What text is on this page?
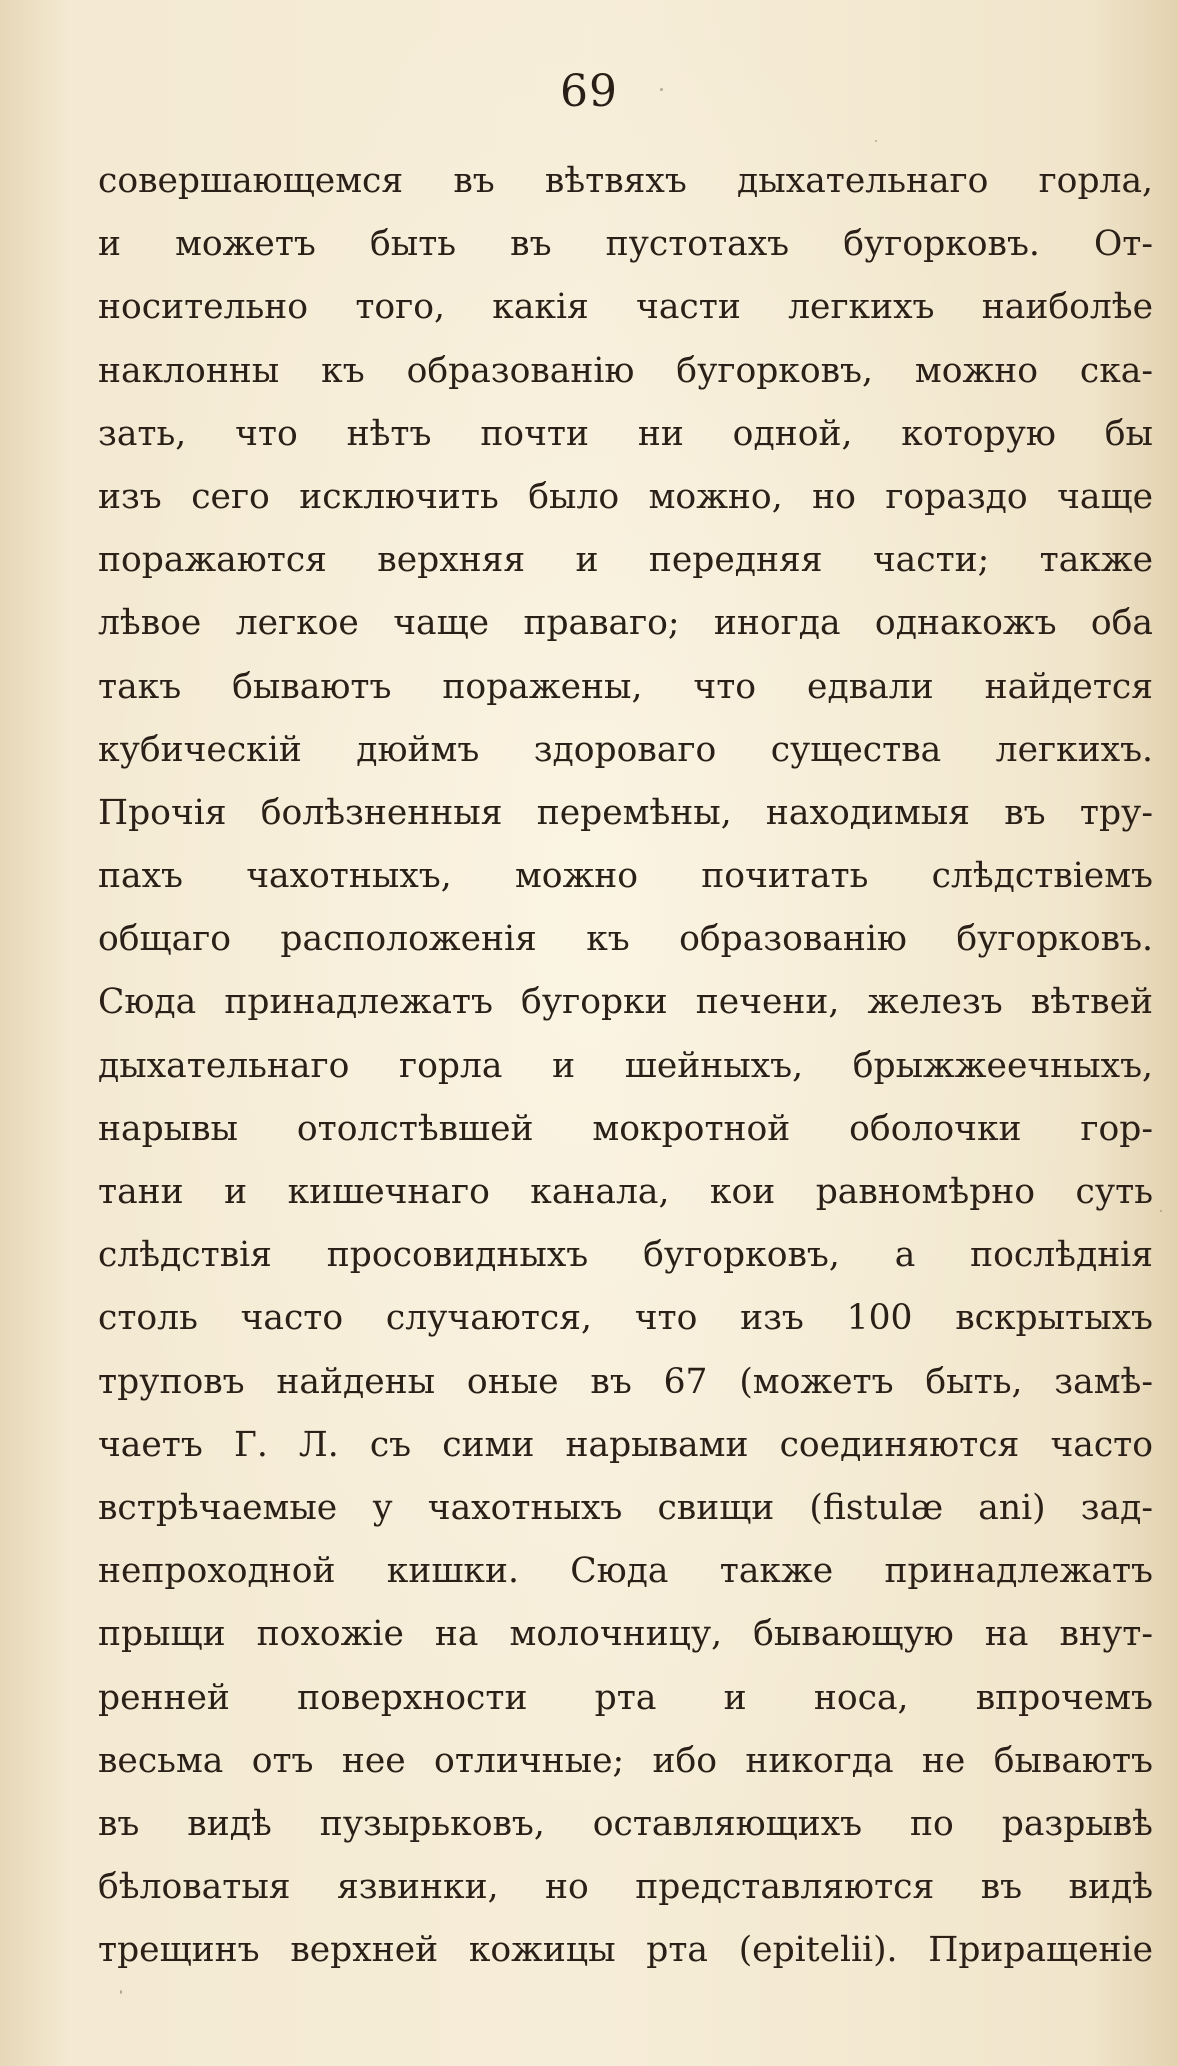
69
совершающемся въ вѣтвяхъ дыхательнаго горла,
и можетъ быть въ пустотахъ бугорковъ. От-
носительно того, какія части легкихъ наиболѣе
наклонны къ образованію бугорковъ, можно ска-
зать, что нѣтъ почти ни одной, которую бы
изъ сего исключить было можно, но гораздо чаще
поражаются верхняя и передняя части; также
лѣвое легкое чаще праваго; иногда однакожъ оба
такъ бываютъ поражены, что едвали найдется
кубическій дюймъ здороваго существа легкихъ.
Прочія болѣзненныя перемѣны, находимыя въ тру-
пахъ чахотныхъ, можно почитать слѣдствіемъ
общаго расположенія къ образованію бугорковъ.
Сюда принадлежатъ бугорки печени, железъ вѣтвей
дыхательнаго горла и шейныхъ, брыжжеечныхъ,
нарывы отолстѣвшей мокротной оболочки гор-
тани и кишечнаго канала, кои равномѣрно суть
слѣдствія просовидныхъ бугорковъ, а послѣднія
столь часто случаются, что изъ 100 вскрытыхъ
труповъ найдены оные въ 67 (можетъ быть, замѣ-
чаетъ Г. Л. съ сими нарывами соединяются часто
встрѣчаемые у чахотныхъ свищи (fistulæ ani) зад-
непроходной кишки. Сюда также принадлежатъ
прыщи похожіе на молочницу, бывающую на внут-
ренней поверхности рта и носа, впрочемъ
весьма отъ нее отличные; ибо никогда не бываютъ
въ видѣ пузырьковъ, оставляющихъ по разрывѣ
бѣловатыя язвинки, но представляются въ видѣ
трещинъ верхней кожицы рта (epitelii). Приращеніе
